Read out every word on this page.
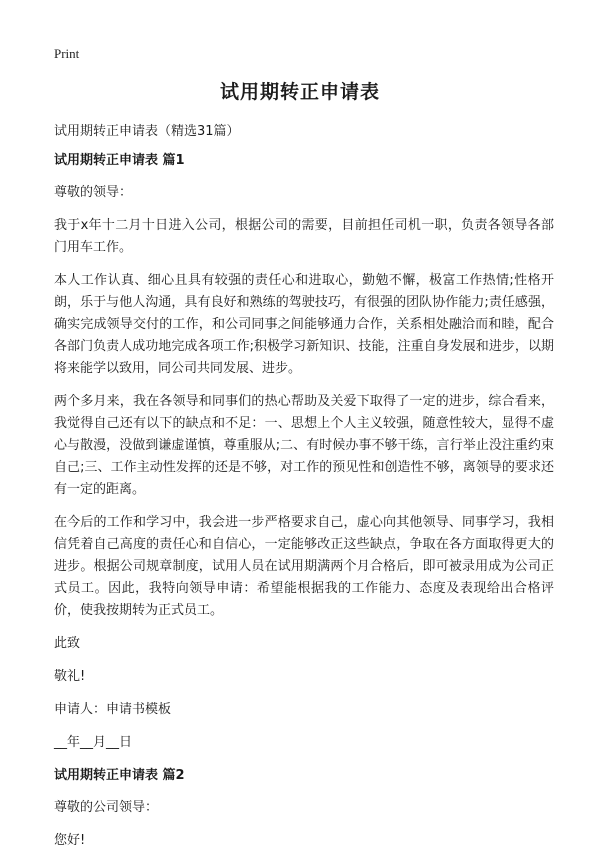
Print
试用期转正申请表
试用期转正申请表（精选31篇）
试用期转正申请表 篇1

尊敬的领导：

我于x年十二月十日进入公司，根据公司的需要，目前担任司机一职，负责各领导各部门用车工作。

本人工作认真、细心且具有较强的责任心和进取心，勤勉不懈，极富工作热情;性格开朗，乐于与他人沟通，具有良好和熟练的驾驶技巧，有很强的团队协作能力;责任感强，确实完成领导交付的工作，和公司同事之间能够通力合作，关系相处融洽而和睦，配合各部门负责人成功地完成各项工作;积极学习新知识、技能，注重自身发展和进步，以期将来能学以致用，同公司共同发展、进步。

两个多月来，我在各领导和同事们的热心帮助及关爱下取得了一定的进步，综合看来，我觉得自己还有以下的缺点和不足：一、思想上个人主义较强，随意性较大，显得不虚心与散漫，没做到谦虚谨慎，尊重服从;二、有时候办事不够干练，言行举止没注重约束自己;三、工作主动性发挥的还是不够，对工作的预见性和创造性不够，离领导的要求还有一定的距离。

在今后的工作和学习中，我会进一步严格要求自己，虚心向其他领导、同事学习，我相信凭着自己高度的责任心和自信心，一定能够改正这些缺点，争取在各方面取得更大的进步。根据公司规章制度，试用人员在试用期满两个月合格后，即可被录用成为公司正式员工。因此，我特向领导申请：希望能根据我的工作能力、态度及表现给出合格评价，使我按期转为正式员工。

此致

敬礼!

申请人：申请书模板

__年__月__日

试用期转正申请表 篇2

尊敬的公司领导：

您好!
